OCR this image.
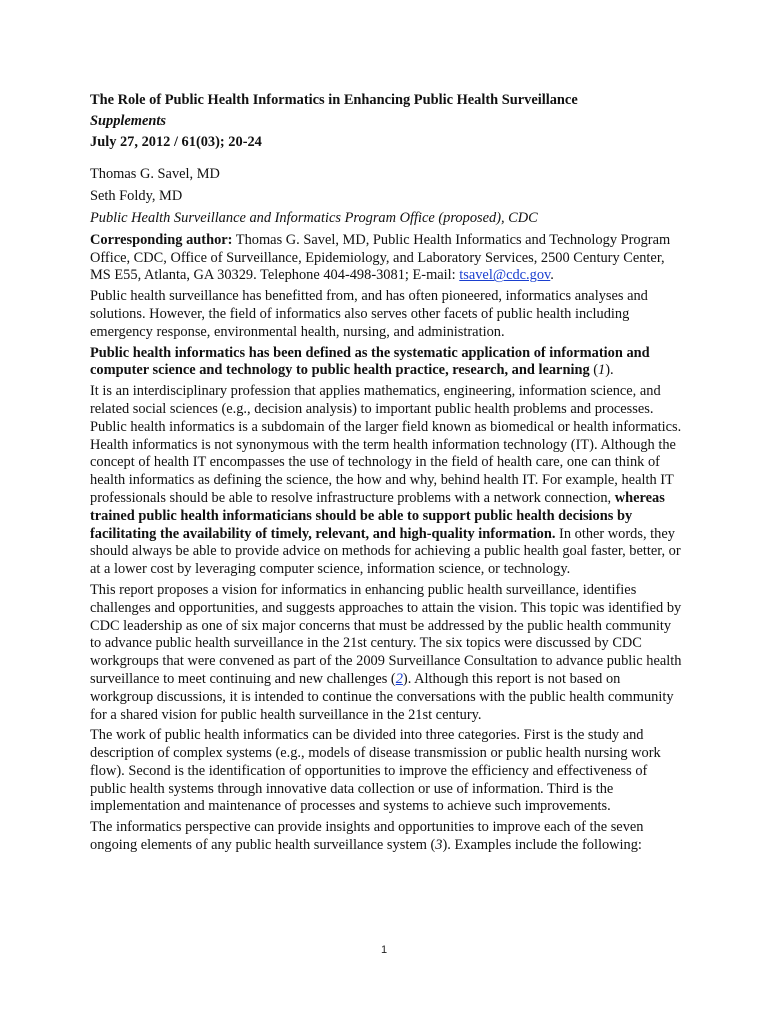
The Role of Public Health Informatics in Enhancing Public Health Surveillance
Supplements
July 27, 2012 / 61(03); 20-24
Thomas G. Savel, MD
Seth Foldy, MD
Public Health Surveillance and Informatics Program Office (proposed), CDC

Corresponding author: Thomas G. Savel, MD, Public Health Informatics and Technology Program Office, CDC, Office of Surveillance, Epidemiology, and Laboratory Services, 2500 Century Center, MS E55, Atlanta, GA 30329. Telephone 404-498-3081; E-mail: tsavel@cdc.gov.

Public health surveillance has benefitted from, and has often pioneered, informatics analyses and solutions. However, the field of informatics also serves other facets of public health including emergency response, environmental health, nursing, and administration.

Public health informatics has been defined as the systematic application of information and computer science and technology to public health practice, research, and learning (1).

It is an interdisciplinary profession that applies mathematics, engineering, information science, and related social sciences (e.g., decision analysis) to important public health problems and processes. Public health informatics is a subdomain of the larger field known as biomedical or health informatics. Health informatics is not synonymous with the term health information technology (IT). Although the concept of health IT encompasses the use of technology in the field of health care, one can think of health informatics as defining the science, the how and why, behind health IT. For example, health IT professionals should be able to resolve infrastructure problems with a network connection, whereas trained public health informaticians should be able to support public health decisions by facilitating the availability of timely, relevant, and high-quality information. In other words, they should always be able to provide advice on methods for achieving a public health goal faster, better, or at a lower cost by leveraging computer science, information science, or technology.

This report proposes a vision for informatics in enhancing public health surveillance, identifies challenges and opportunities, and suggests approaches to attain the vision. This topic was identified by CDC leadership as one of six major concerns that must be addressed by the public health community to advance public health surveillance in the 21st century. The six topics were discussed by CDC workgroups that were convened as part of the 2009 Surveillance Consultation to advance public health surveillance to meet continuing and new challenges (2). Although this report is not based on workgroup discussions, it is intended to continue the conversations with the public health community for a shared vision for public health surveillance in the 21st century.

The work of public health informatics can be divided into three categories. First is the study and description of complex systems (e.g., models of disease transmission or public health nursing work flow). Second is the identification of opportunities to improve the efficiency and effectiveness of public health systems through innovative data collection or use of information. Third is the implementation and maintenance of processes and systems to achieve such improvements.

The informatics perspective can provide insights and opportunities to improve each of the seven ongoing elements of any public health surveillance system (3). Examples include the following:

1
